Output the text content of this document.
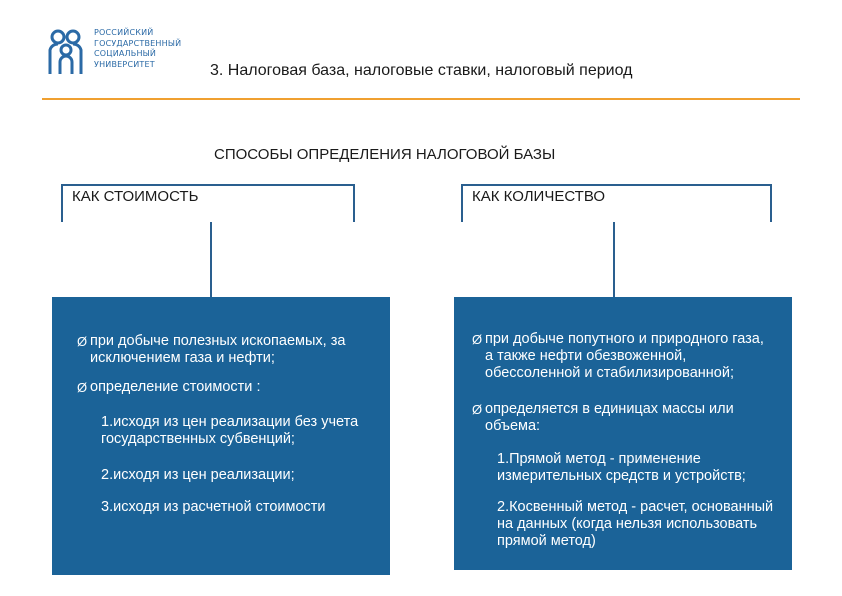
РОССИЙСКИЙ
ГОСУДАРСТВЕННЫЙ
СОЦИАЛЬНЫЙ
УНИВЕРСИТЕТ	3. Налоговая база, налоговые ставки, налоговый период
СПОСОБЫ ОПРЕДЕЛЕНИЯ НАЛОГОВОЙ БАЗЫ
КАК СТОИМОСТЬ	КАК КОЛИЧЕСТВО
Ø при добыче полезных ископаемых, за исключением газа и нефти;
Ø определение стоимости :
1.исходя из цен реализации без учета государственных субвенций;
2.исходя из цен реализации;
3.исходя из расчетной стоимости
Ø при добыче попутного и природного газа, а также нефти обезвоженной, обессоленной и стабилизированной;
Ø определяется в единицах массы или объема:
1.Прямой метод - применение измерительных средств и устройств;
2.Косвенный метод - расчет, основанный на данных (когда нельзя использовать прямой метод)
